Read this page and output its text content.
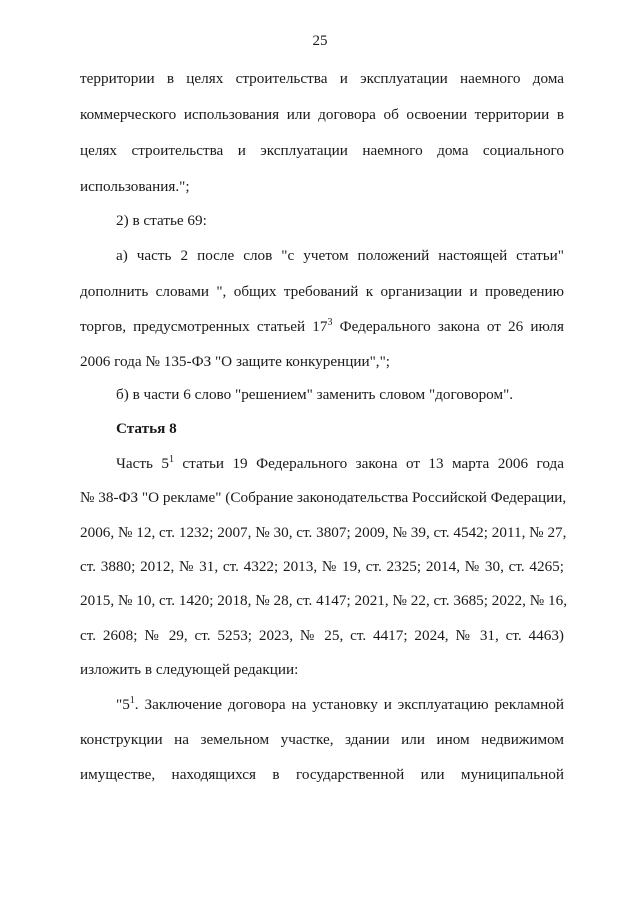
25
территории в целях строительства и эксплуатации наемного дома
коммерческого использования или договора об освоении территории в
целях строительства и эксплуатации наемного дома социального
использования.";
2) в статье 69:
а) часть 2 после слов "с учетом положений настоящей статьи"
дополнить словами ", общих требований к организации и проведению
торгов, предусмотренных статьей $17^3$ Федерального закона от 26 июля
2006 года № 135-ФЗ "О защите конкуренции",";
б) в части 6 слово "решением" заменить словом "договором".
Статья 8
Часть $5^1$ статьи 19 Федерального закона от 13 марта 2006 года
№ 38-ФЗ "О рекламе" (Собрание законодательства Российской Федерации,
2006, № 12, ст. 1232; 2007, № 30, ст. 3807; 2009, № 39, ст. 4542; 2011, № 27,
ст. 3880; 2012, № 31, ст. 4322; 2013, № 19, ст. 2325; 2014, № 30, ст. 4265;
2015, № 10, ст. 1420; 2018, № 28, ст. 4147; 2021, № 22, ст. 3685; 2022, № 16,
ст. 2608; № 29, ст. 5253; 2023, № 25, ст. 4417; 2024, № 31, ст. 4463)
изложить в следующей редакции:
"$5^1$. Заключение договора на установку и эксплуатацию рекламной
конструкции на земельном участке, здании или ином недвижимом
имуществе, находящихся в государственной или муниципальной
